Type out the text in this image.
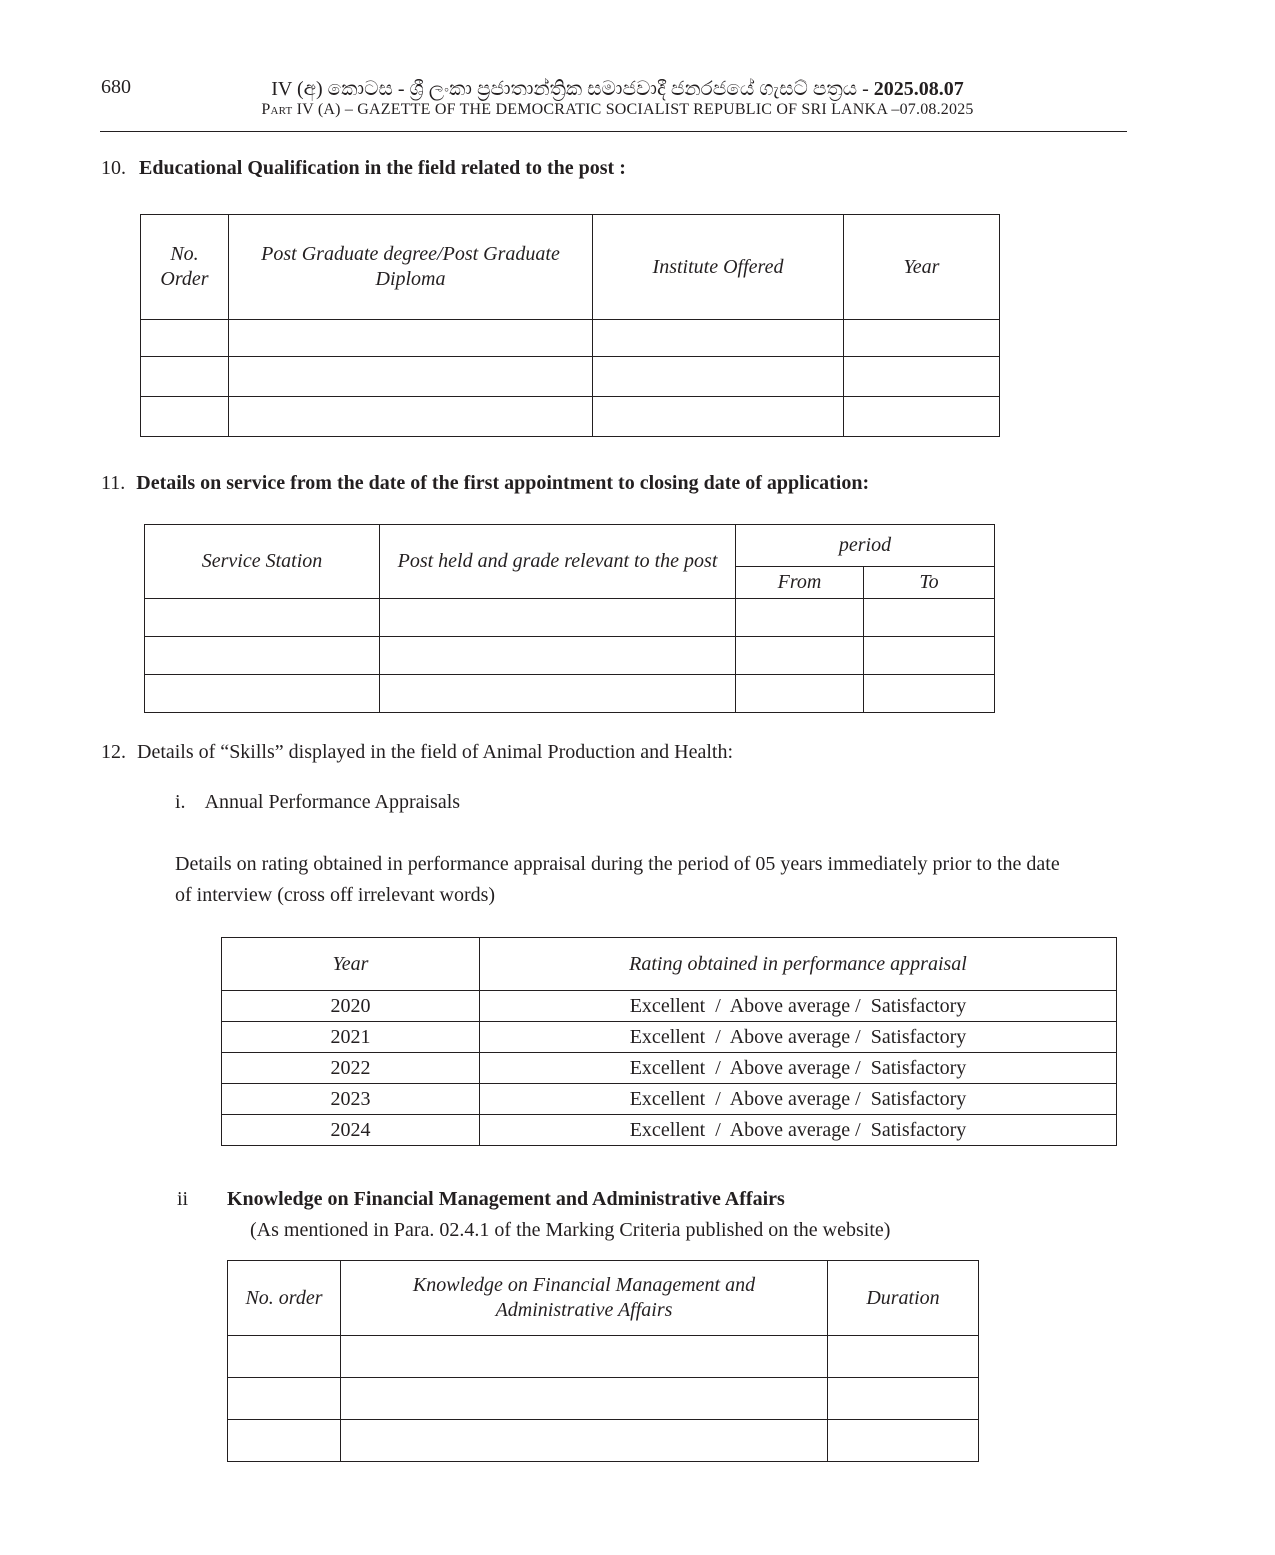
680	IV (අ) කොටස - ශ්‍රී ලංකා ප්‍රජාතාන්ත්‍රික සමාජවාදී ජනරජයේ ගැසට් පත්‍රය - 2025.08.07
Part IV (A) – GAZETTE OF THE DEMOCRATIC SOCIALIST REPUBLIC OF SRI LANKA –07.08.2025
10. Educational Qualification in the field related to the post :
No. Order	Post Graduate degree/Post Graduate Diploma	Institute Offered	Year

11. Details on service from the date of the first appointment to closing date of application:
Service Station	Post held and grade relevant to the post	period	
		From	To

12. Details of “Skills” displayed in the field of Animal Production and Health:
i. Annual Performance Appraisals
Details on rating obtained in performance appraisal during the period of 05 years immediately prior to the date
of interview (cross off irrelevant words)
Year	Rating obtained in performance appraisal
2020	Excellent  /  Above average /  Satisfactory
2021	Excellent  /  Above average /  Satisfactory
2022	Excellent  /  Above average /  Satisfactory
2023	Excellent  /  Above average /  Satisfactory
2024	Excellent  /  Above average /  Satisfactory
ii Knowledge on Financial Management and Administrative Affairs
(As mentioned in Para. 02.4.1 of the Marking Criteria published on the website)
No. order	Knowledge on Financial Management and Administrative Affairs	Duration
